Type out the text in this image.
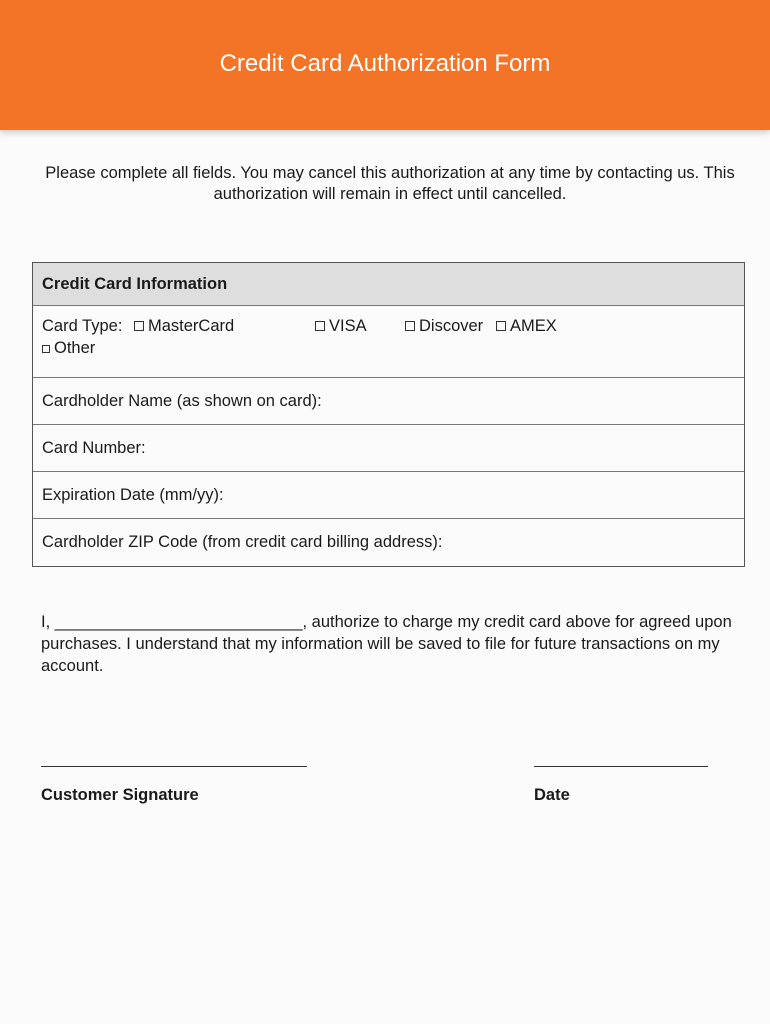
Credit Card Authorization Form
Please complete all fields. You may cancel this authorization at any time by contacting us. This authorization will remain in effect until cancelled.
Credit Card Information
Card Type:	MasterCard	VISA	Discover	AMEX
Other
Cardholder Name (as shown on card):
Card Number:
Expiration Date (mm/yy):
Cardholder ZIP Code (from credit card billing address):
I, ___________________________, authorize to charge my credit card above for agreed upon purchases. I understand that my information will be saved to file for future transactions on my account.
Customer Signature	Date
